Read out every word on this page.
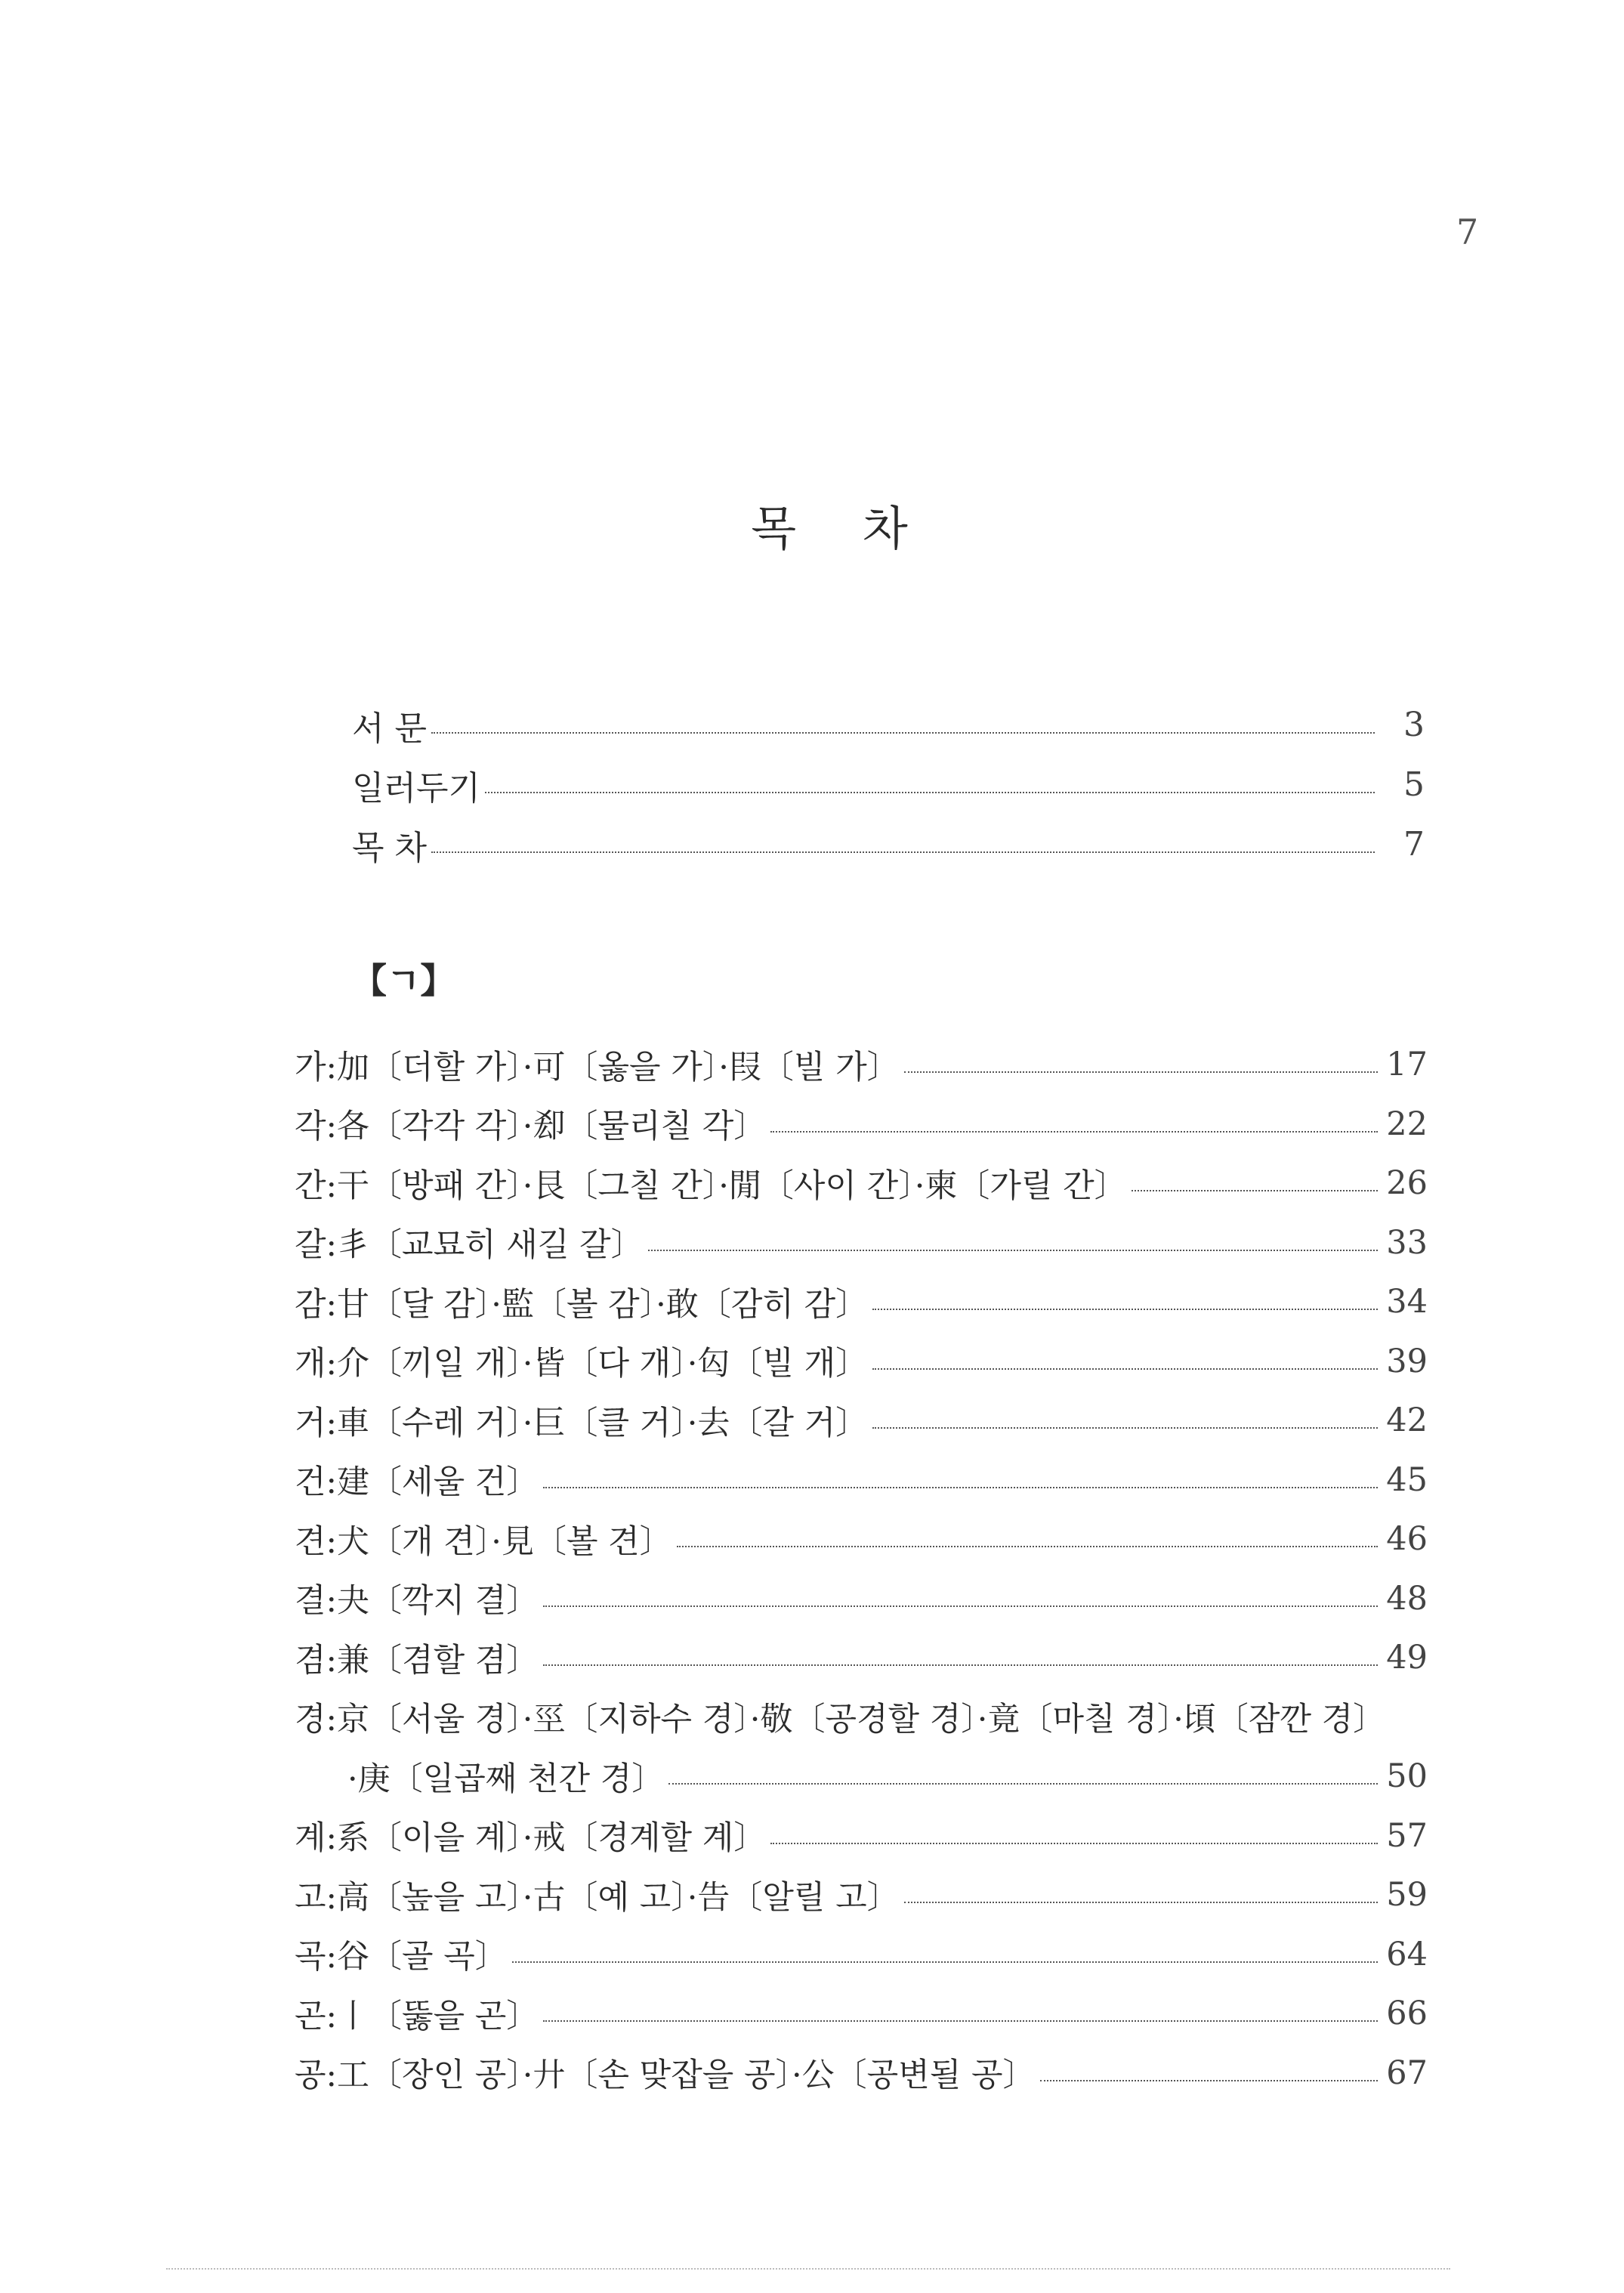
7
목 차
서 문	3
일러두기	5
목 차	7
【ㄱ】
가:加〔더할 가〕·可〔옳을 가〕·叚〔빌 가〕	17
각:各〔각각 각〕·㕁〔물리칠 각〕	22
간:干〔방패 간〕·艮〔그칠 간〕·閒〔사이 간〕·柬〔가릴 간〕	26
갈:丯〔교묘히 새길 갈〕	33
감:甘〔달 감〕·監〔볼 감〕·敢〔감히 감〕	34
개:介〔끼일 개〕·皆〔다 개〕·匃〔빌 개〕	39
거:車〔수레 거〕·巨〔클 거〕·去〔갈 거〕	42
건:建〔세울 건〕	45
견:犬〔개 견〕·見〔볼 견〕	46
결:夬〔깍지 결〕	48
겸:兼〔겸할 겸〕	49
경:京〔서울 경〕·巠〔지하수 경〕·敬〔공경할 경〕·竟〔마칠 경〕·頃〔잠깐 경〕
·庚〔일곱째 천간 경〕	50
계:系〔이을 계〕·戒〔경계할 계〕	57
고:高〔높을 고〕·古〔예 고〕·告〔알릴 고〕	59
곡:谷〔골 곡〕	64
곤:丨〔뚫을 곤〕	66
공:工〔장인 공〕·廾〔손 맞잡을 공〕·公〔공변될 공〕	67
